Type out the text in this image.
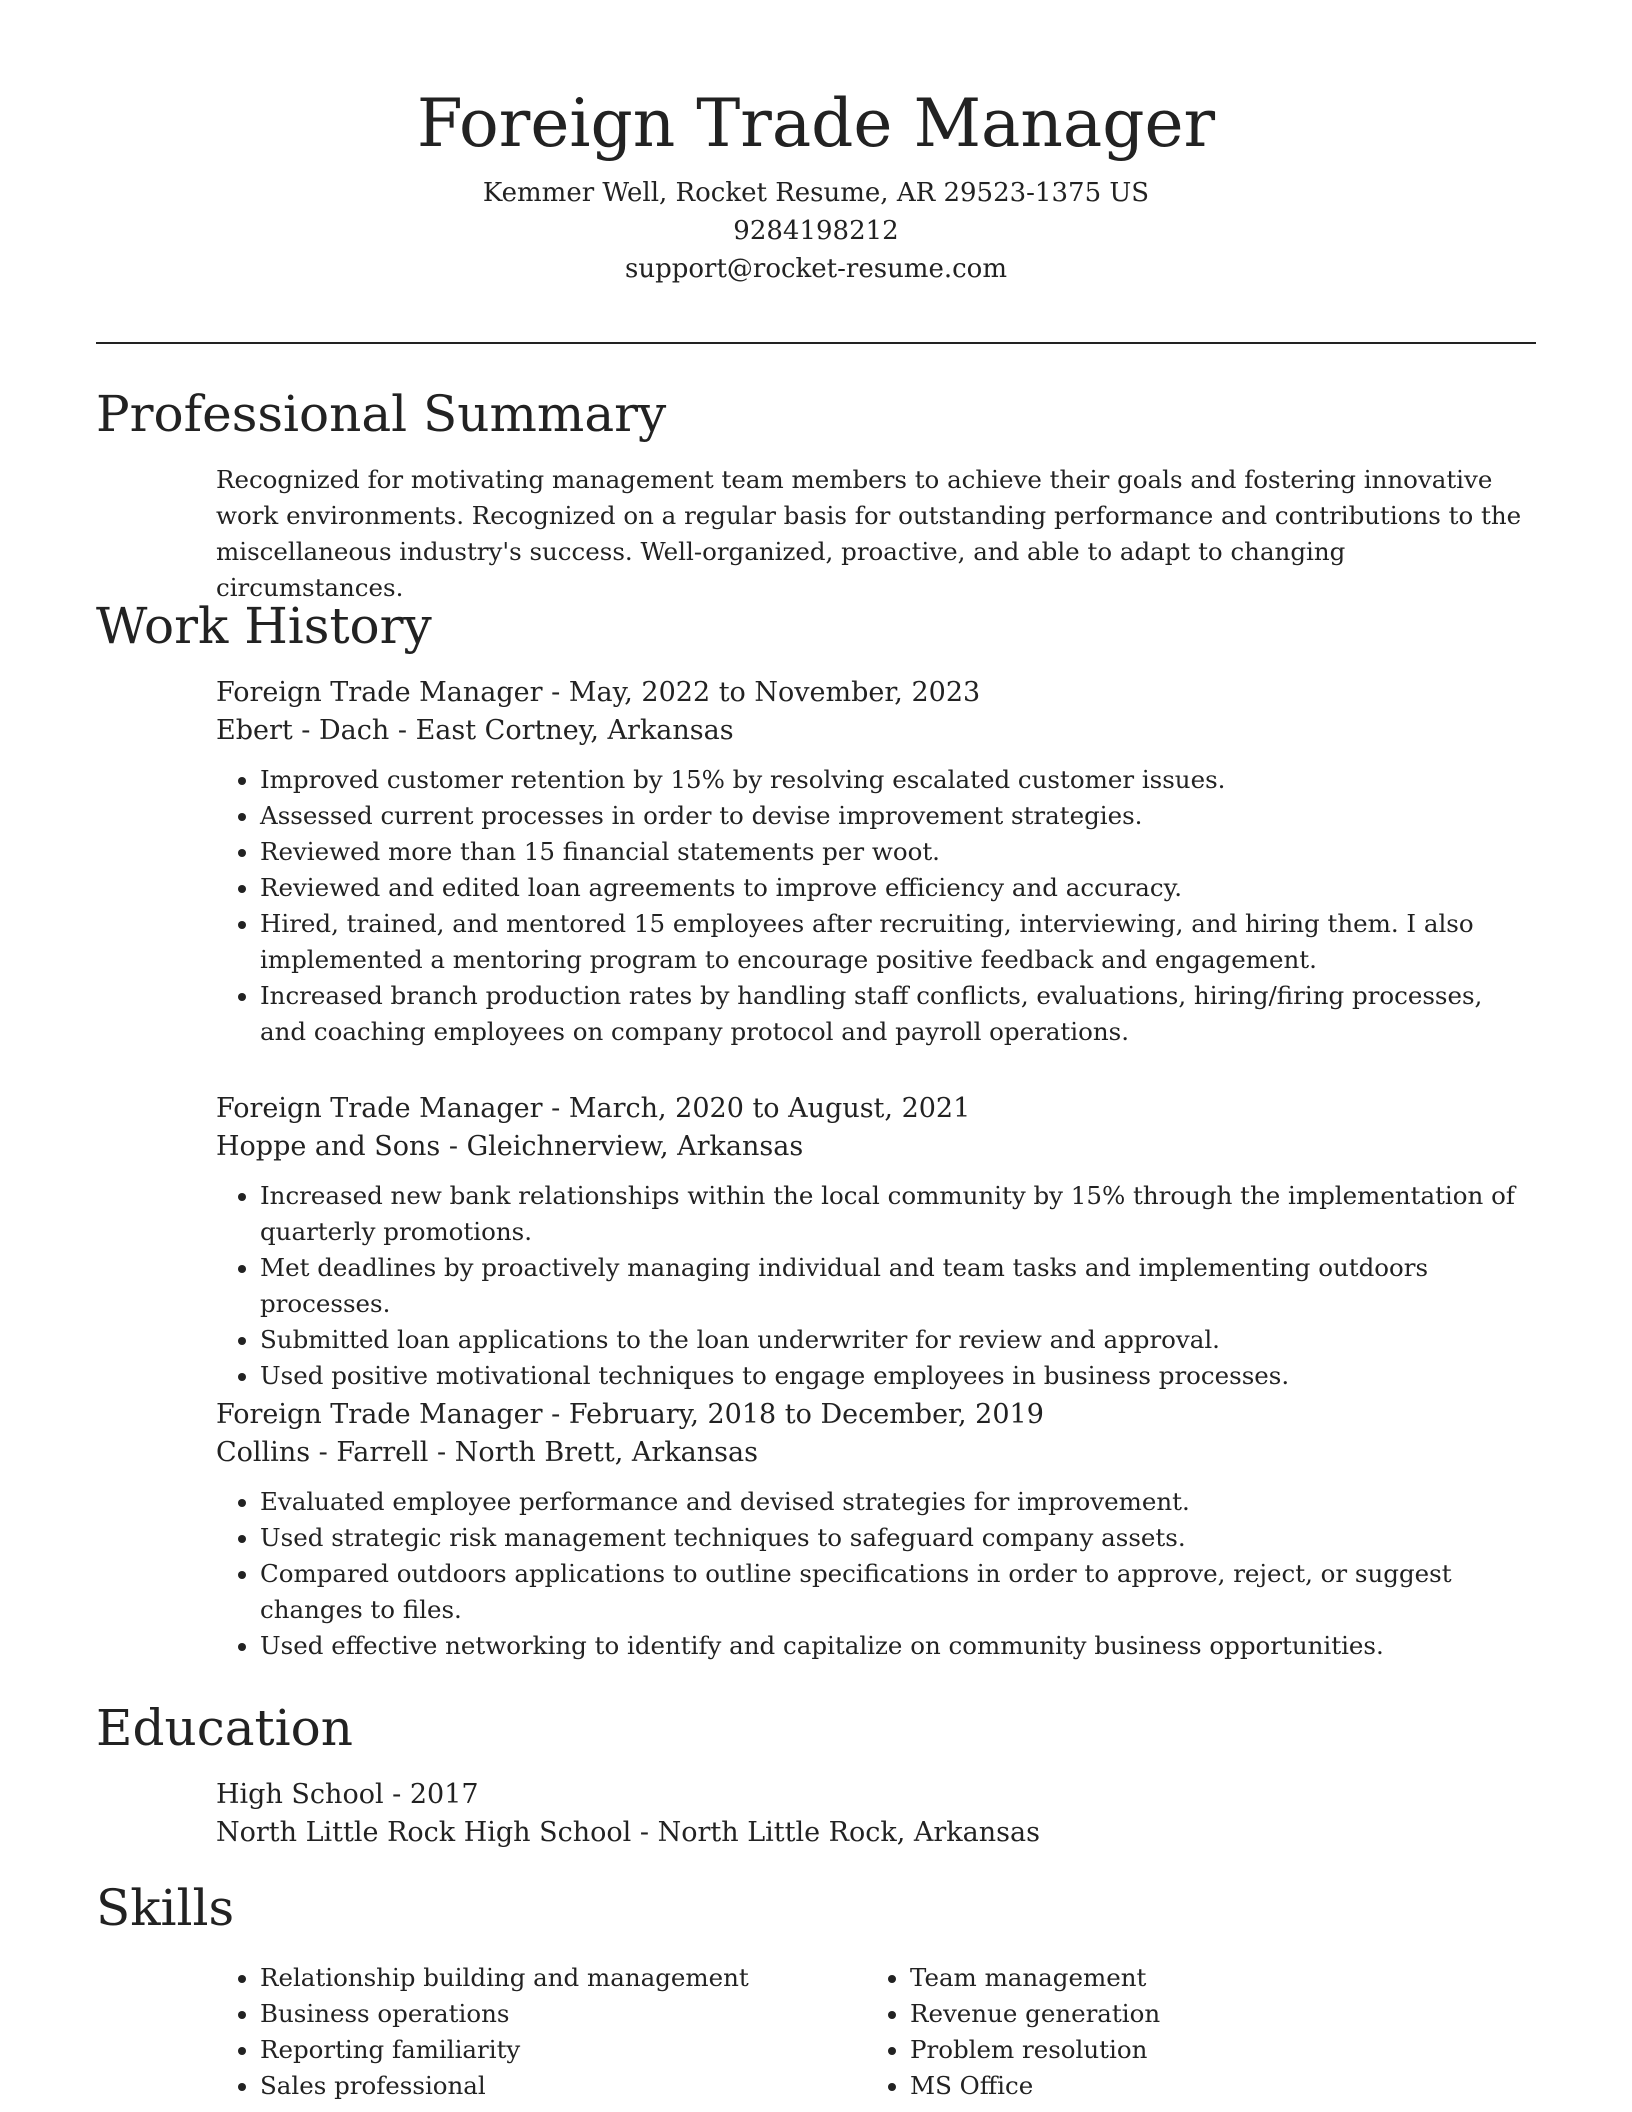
Foreign Trade Manager
Kemmer Well, Rocket Resume, AR 29523-1375 US
9284198212
support@rocket-resume.com
Professional Summary

Recognized for motivating management team members to achieve their goals and fostering innovative work environments. Recognized on a regular basis for outstanding performance and contributions to the miscellaneous industry's success. Well-organized, proactive, and able to adapt to changing circumstances.

Work History
Foreign Trade Manager - May, 2022 to November, 2023
Ebert - Dach - East Cortney, Arkansas
• Improved customer retention by 15% by resolving escalated customer issues.
• Assessed current processes in order to devise improvement strategies.
• Reviewed more than 15 financial statements per woot.
• Reviewed and edited loan agreements to improve efficiency and accuracy.
• Hired, trained, and mentored 15 employees after recruiting, interviewing, and hiring them. I also implemented a mentoring program to encourage positive feedback and engagement.
• Increased branch production rates by handling staff conflicts, evaluations, hiring/firing processes, and coaching employees on company protocol and payroll operations.
Foreign Trade Manager - March, 2020 to August, 2021
Hoppe and Sons - Gleichnerview, Arkansas
• Increased new bank relationships within the local community by 15% through the implementation of quarterly promotions.
• Met deadlines by proactively managing individual and team tasks and implementing outdoors processes.
• Submitted loan applications to the loan underwriter for review and approval.
• Used positive motivational techniques to engage employees in business processes.
Foreign Trade Manager - February, 2018 to December, 2019
Collins - Farrell - North Brett, Arkansas
• Evaluated employee performance and devised strategies for improvement.
• Used strategic risk management techniques to safeguard company assets.
• Compared outdoors applications to outline specifications in order to approve, reject, or suggest changes to files.
• Used effective networking to identify and capitalize on community business opportunities.
Education
High School - 2017
North Little Rock High School - North Little Rock, Arkansas
Skills
• Relationship building and management
• Business operations
• Reporting familiarity
• Sales professional
• Team management
• Revenue generation
• Problem resolution
• MS Office
